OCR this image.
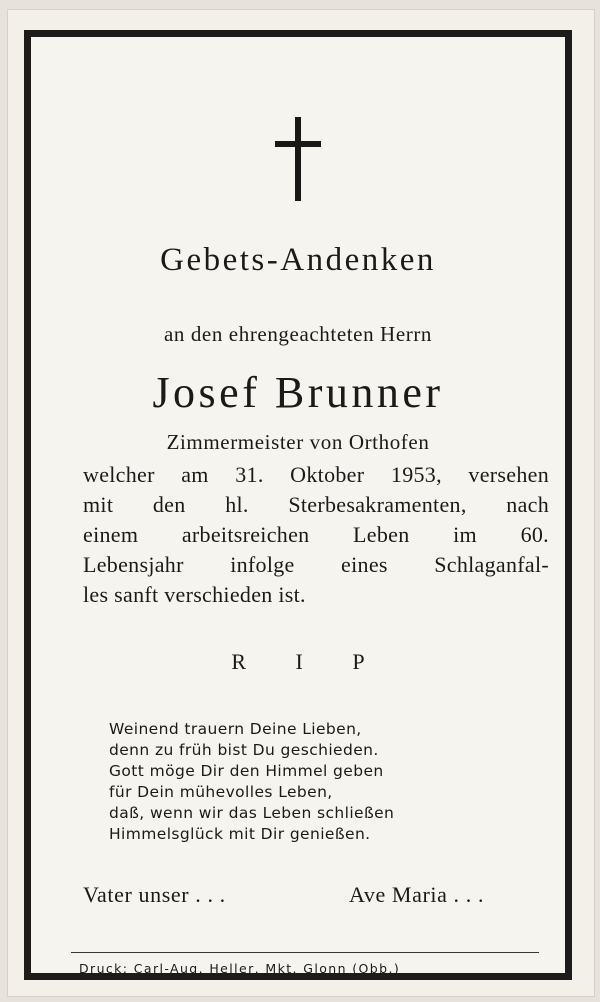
Gebets-Andenken
an den ehrengeachteten Herrn
Josef Brunner
Zimmermeister von Orthofen
welcher am 31. Oktober 1953, versehen
mit den hl. Sterbesakramenten, nach
einem arbeitsreichen Leben im 60.
Lebensjahr infolge eines Schlaganfal-
les sanft verschieden ist.
R I P
Weinend trauern Deine Lieben,
denn zu früh bist Du geschieden.
Gott möge Dir den Himmel geben
für Dein mühevolles Leben,
daß, wenn wir das Leben schließen
Himmelsglück mit Dir genießen.
Vater unser . . .	Ave Maria . . .
Druck: Carl-Aug. Heller, Mkt. Glonn (Obb.)
